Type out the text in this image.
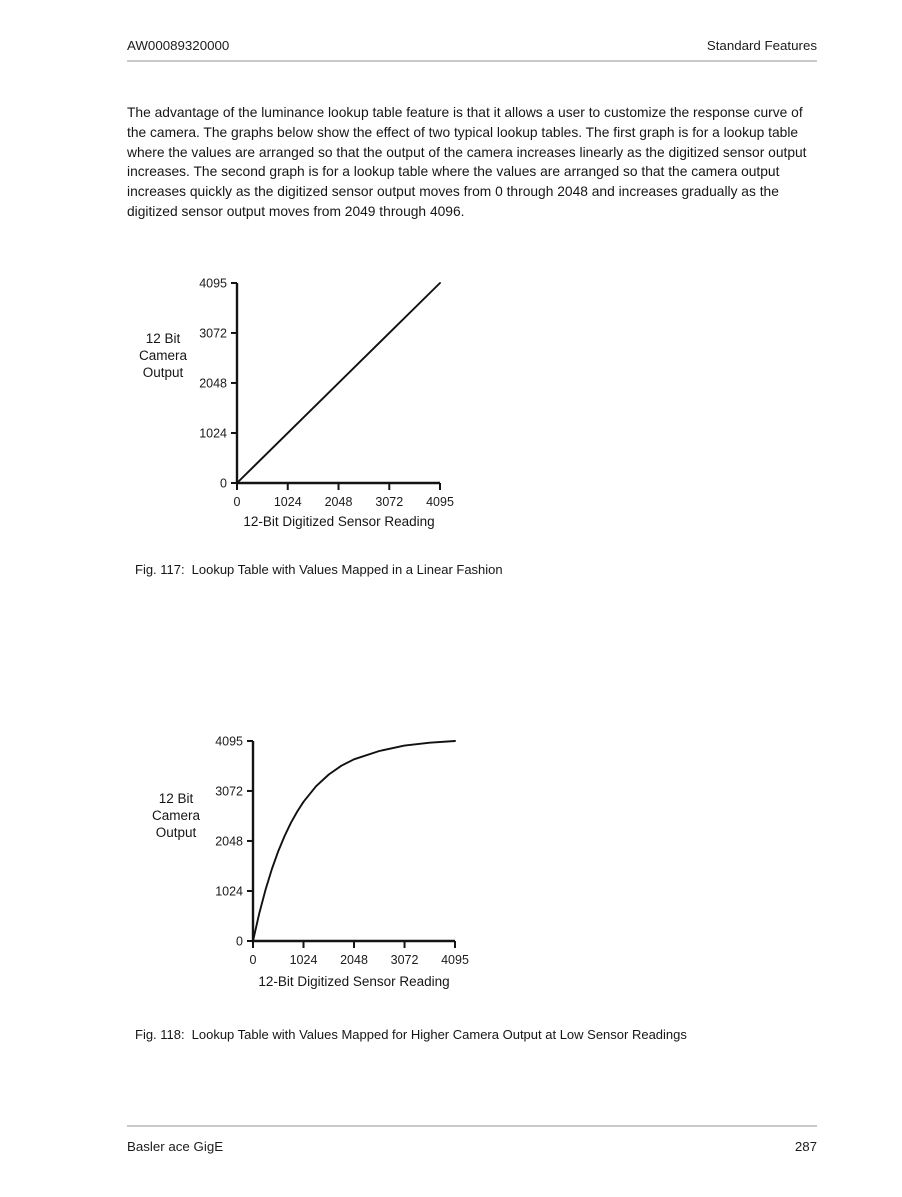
AW00089320000	Standard Features

The advantage of the luminance lookup table feature is that it allows a user to customize the response curve of the camera. The graphs below show the effect of two typical lookup tables. The first graph is for a lookup table where the values are arranged so that the output of the camera increases linearly as the digitized sensor output increases. The second graph is for a lookup table where the values are arranged so that the camera output increases quickly as the digitized sensor output moves from 0 through 2048 and increases gradually as the digitized sensor output moves from 2049 through 4096.

12 Bit
Camera
Output
4095
3072
2048
1024
0
0	1024 2048 3072 4095
12-Bit Digitized Sensor Reading
Fig. 117: Lookup Table with Values Mapped in a Linear Fashion
12 Bit
Camera
Output
4095
3072
2048
1024
0
0	1024 2048 3072 4095
12-Bit Digitized Sensor Reading
Fig. 118: Lookup Table with Values Mapped for Higher Camera Output at Low Sensor Readings
Basler ace GigE	287
